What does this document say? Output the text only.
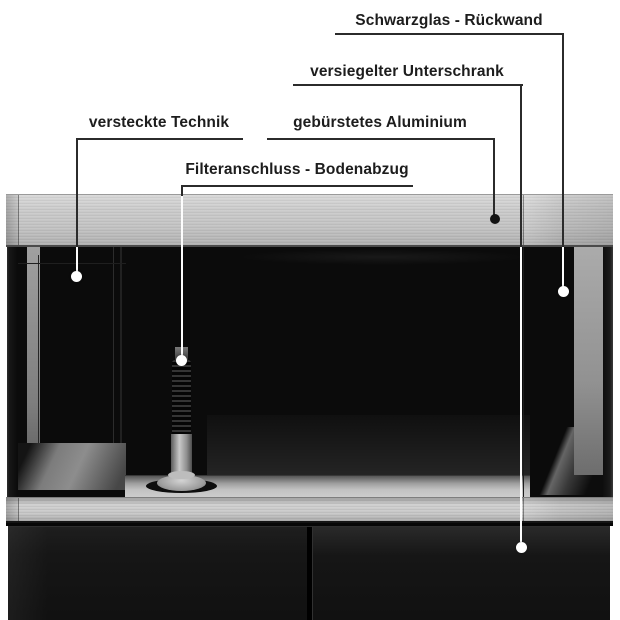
Schwarzglas - Rückwand
versiegelter Unterschrank
versteckte Technik	gebürstetes Aluminium
Filteranschluss - Bodenabzug
